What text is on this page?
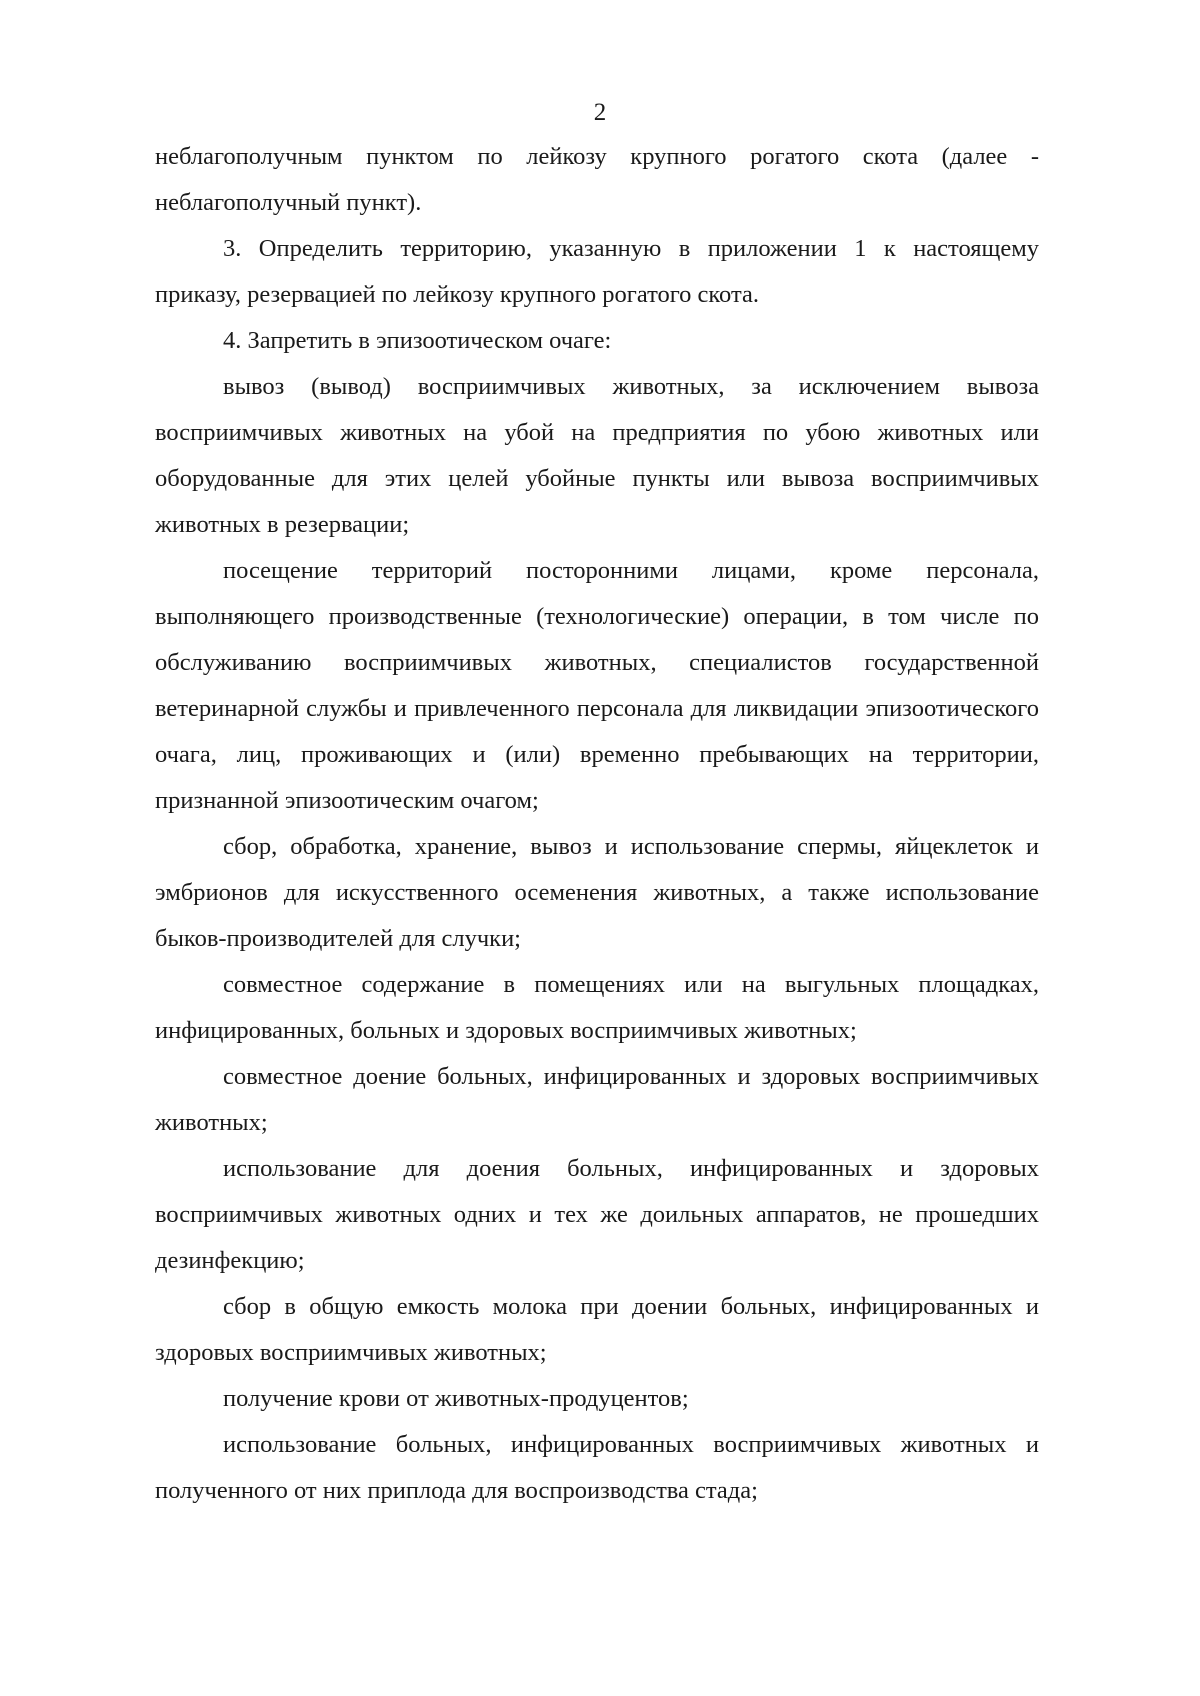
2

неблагополучным пунктом по лейкозу крупного рогатого скота (далее - неблагополучный пункт).

3. Определить территорию, указанную в приложении 1 к настоящему приказу, резервацией по лейкозу крупного рогатого скота.

4. Запретить в эпизоотическом очаге:

вывоз (вывод) восприимчивых животных, за исключением вывоза восприимчивых животных на убой на предприятия по убою животных или оборудованные для этих целей убойные пункты или вывоза восприимчивых животных в резервации;

посещение территорий посторонними лицами, кроме персонала, выполняющего производственные (технологические) операции, в том числе по обслуживанию восприимчивых животных, специалистов государственной ветеринарной службы и привлеченного персонала для ликвидации эпизоотического очага, лиц, проживающих и (или) временно пребывающих на территории, признанной эпизоотическим очагом;

сбор, обработка, хранение, вывоз и использование спермы, яйцеклеток и эмбрионов для искусственного осеменения животных, а также использование быков-производителей для случки;

совместное содержание в помещениях или на выгульных площадках, инфицированных, больных и здоровых восприимчивых животных;

совместное доение больных, инфицированных и здоровых восприимчивых животных;

использование для доения больных, инфицированных и здоровых восприимчивых животных одних и тех же доильных аппаратов, не прошедших дезинфекцию;

сбор в общую емкость молока при доении больных, инфицированных и здоровых восприимчивых животных;

получение крови от животных-продуцентов;

использование больных, инфицированных восприимчивых животных и полученного от них приплода для воспроизводства стада;
